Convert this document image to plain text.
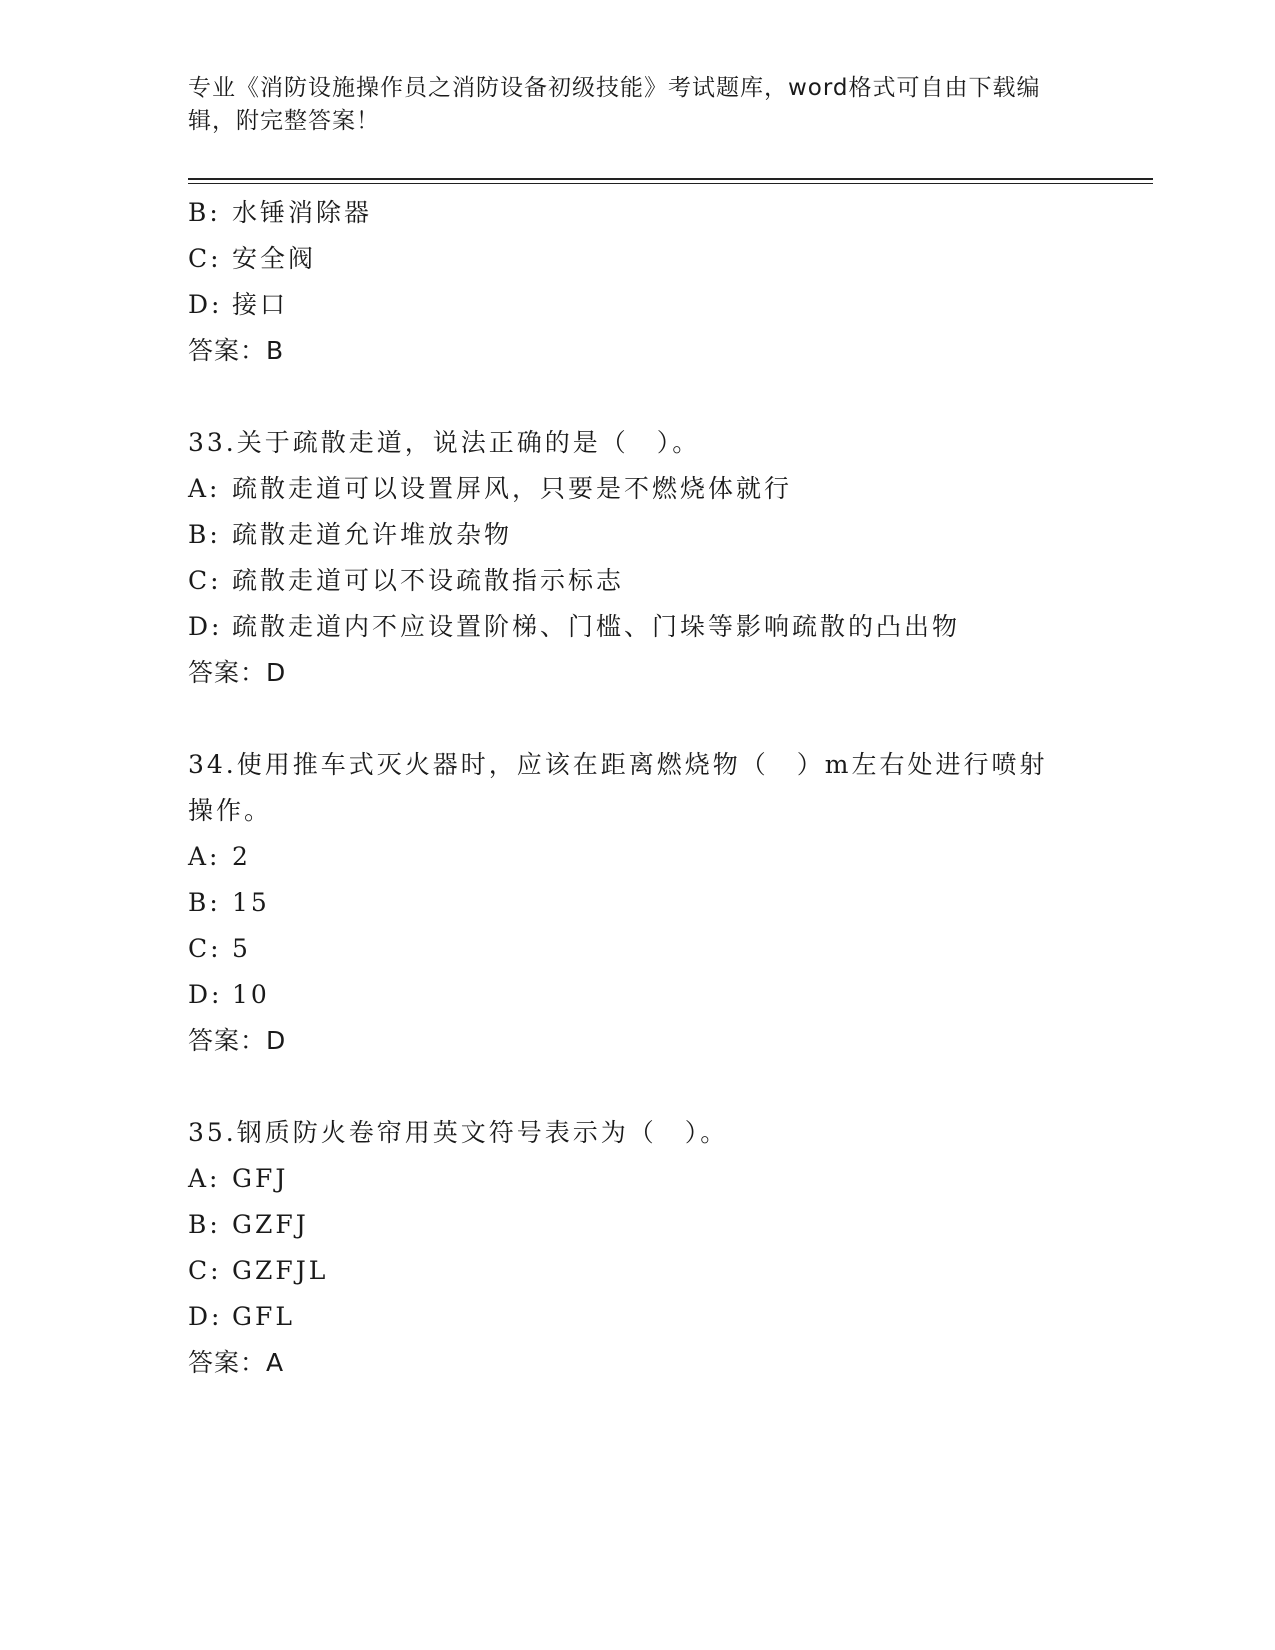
专业《消防设施操作员之消防设备初级技能》考试题库，word格式可自由下载编辑，附完整答案！
B: 水锤消除器
C: 安全阀
D: 接口
答案：B
33.关于疏散走道，说法正确的是（　）。
A: 疏散走道可以设置屏风，只要是不燃烧体就行
B: 疏散走道允许堆放杂物
C: 疏散走道可以不设疏散指示标志
D: 疏散走道内不应设置阶梯、门槛、门垛等影响疏散的凸出物
答案：D
34.使用推车式灭火器时，应该在距离燃烧物（　）m左右处进行喷射操作。
A: 2
B: 15
C: 5
D: 10
答案：D
35.钢质防火卷帘用英文符号表示为（　）。
A: GFJ
B: GZFJ
C: GZFJL
D: GFL
答案：A
